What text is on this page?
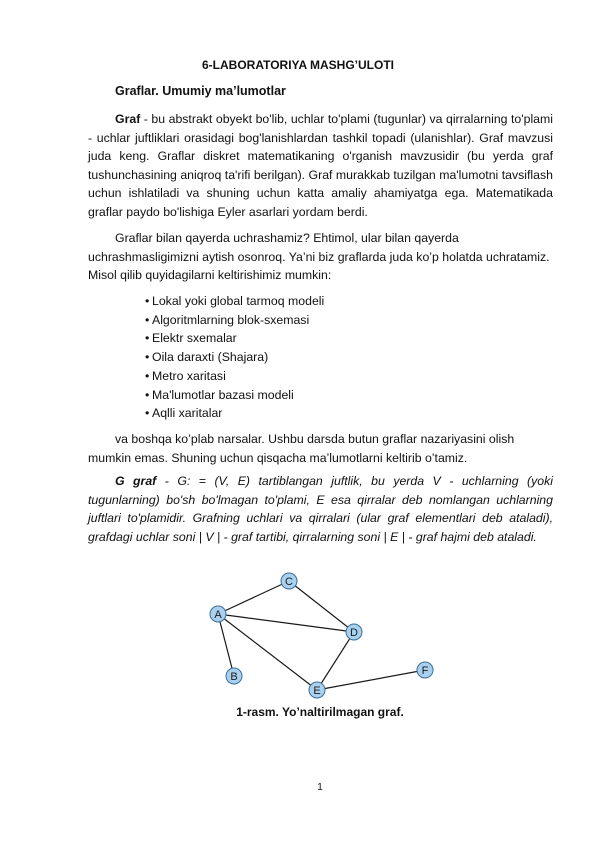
6-LABORATORIYA MASHG’ULOTI
Graflar. Umumiy ma’lumotlar
Graf - bu abstrakt obyekt bo'lib, uchlar to'plami (tugunlar) va qirralarning to'plami - uchlar juftliklari orasidagi bog'lanishlardan tashkil topadi (ulanishlar). Graf mavzusi juda keng. Graflar diskret matematikaning o'rganish mavzusidir (bu yerda graf tushunchasining aniqroq ta'rifi berilgan). Graf murakkab tuzilgan ma'lumotni tavsiflash uchun ishlatiladi va shuning uchun katta amaliy ahamiyatga ega. Matematikada graflar paydo bo'lishiga Eyler asarlari yordam berdi.
Graflar bilan qayerda uchrashamiz? Ehtimol, ular bilan qayerda uchrashmasligimizni aytish osonroq. Ya’ni biz graflarda juda ko’p holatda uchratamiz. Misol qilib quyidagilarni keltirishimiz mumkin:
• Lokal yoki global tarmoq modeli
• Algoritmlarning blok-sxemasi
• Elektr sxemalar
• Oila daraxti (Shajara)
• Metro xaritasi
• Ma'lumotlar bazasi modeli
• Aqlli xaritalar
va boshqa ko’plab narsalar. Ushbu darsda butun graflar nazariyasini olish mumkin emas. Shuning uchun qisqacha ma’lumotlarni keltirib o’tamiz.
G graf - G: = (V, E) tartiblangan juftlik, bu yerda V - uchlarning (yoki tugunlarning) bo'sh bo'lmagan to'plami, E esa qirralar deb nomlangan uchlarning juftlari to'plamidir. Grafning uchlari va qirralari (ular graf elementlari deb ataladi), grafdagi uchlar soni | V | - graf tartibi, qirralarning soni | E | - graf hajmi deb ataladi.
A
B
C
D
E
F
1-rasm. Yo’naltirilmagan graf.
1
